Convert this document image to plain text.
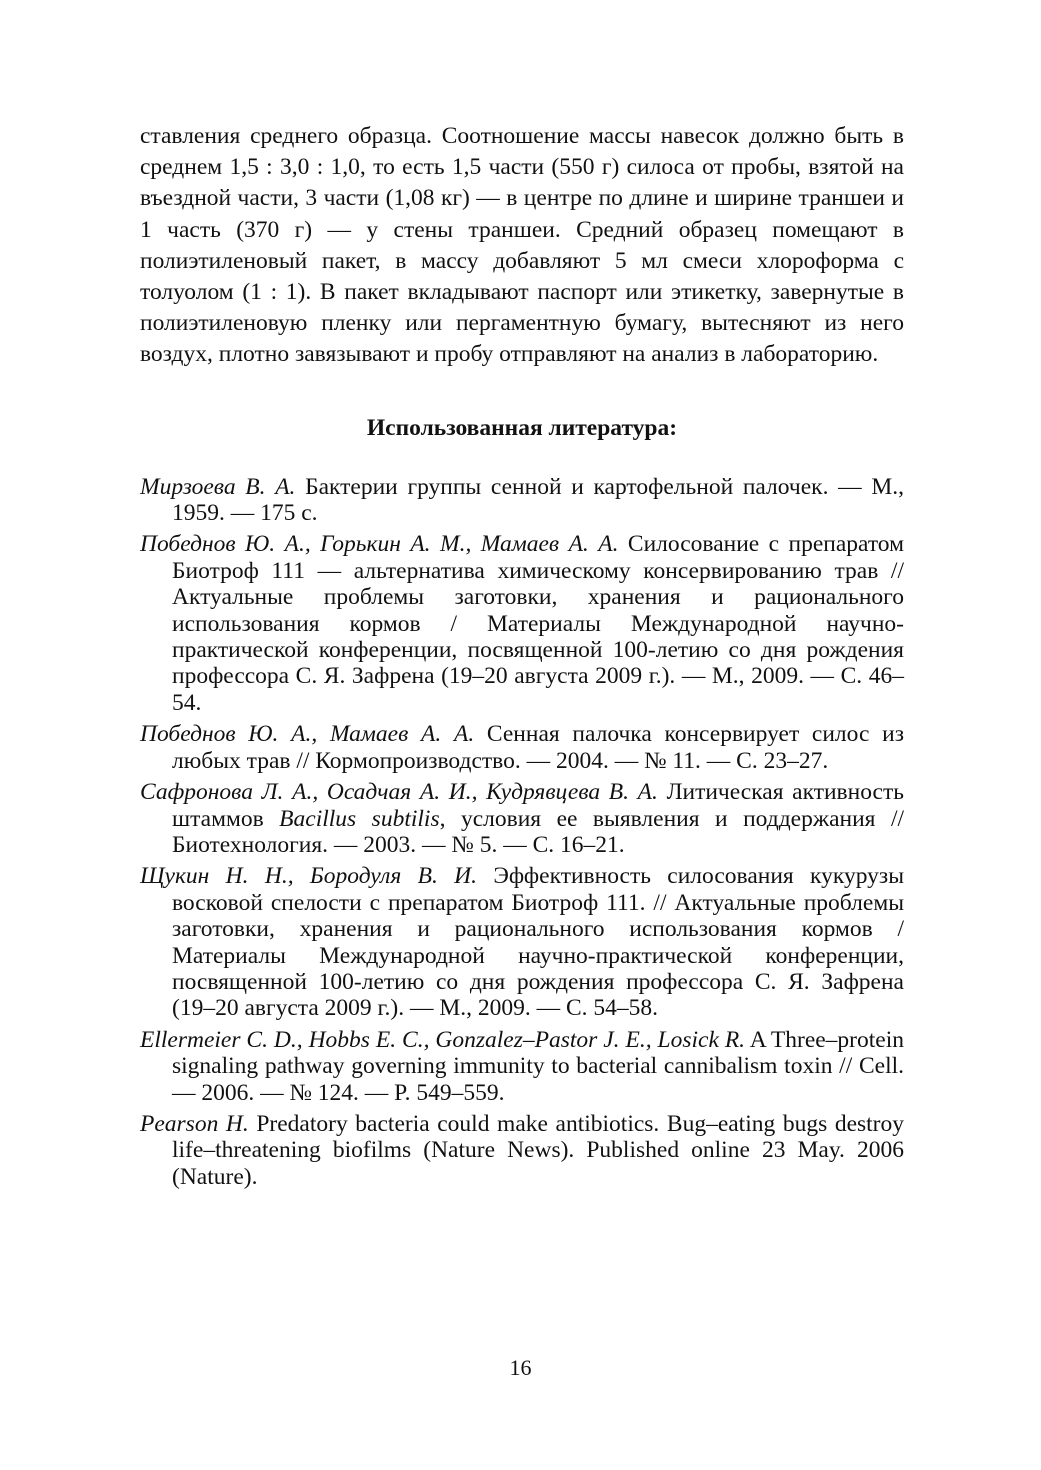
ставления среднего образца. Соотношение массы навесок должно быть в среднем 1,5 : 3,0 : 1,0, то есть 1,5 части (550 г) силоса от пробы, взятой на въездной части, 3 части (1,08 кг) — в центре по длине и ширине траншеи и 1 часть (370 г) — у стены траншеи. Средний образец помещают в полиэтиленовый пакет, в массу добавляют 5 мл смеси хлороформа с толуолом (1 : 1). В пакет вкладывают паспорт или этикетку, завернутые в полиэтиленовую пленку или пергаментную бумагу, вытесняют из него воздух, плотно завязывают и пробу отправляют на анализ в лабораторию.

Использованная литература:
Мирзоева В. А. Бактерии группы сенной и картофельной палочек. — М., 1959. — 175 с.
Победнов Ю. А., Горькин А. М., Мамаев А. А. Силосование с препаратом Биотроф 111 — альтернатива химическому консервированию трав // Актуальные проблемы заготовки, хранения и рационального использования кормов / Материалы Международной научно-практической конференции, посвященной 100-летию со дня рождения профессора С. Я. Зафрена (19–20 августа 2009 г.). — М., 2009. — С. 46–54.
Победнов Ю. А., Мамаев А. А. Сенная палочка консервирует силос из любых трав // Кормопроизводство. — 2004. — № 11. — С. 23–27.
Сафронова Л. А., Осадчая А. И., Кудрявцева В. А. Литическая активность штаммов Bacillus subtilis, условия ее выявления и поддержания // Биотехнология. — 2003. — № 5. — С. 16–21.
Щукин Н. Н., Бородуля В. И. Эффективность силосования кукурузы восковой спелости с препаратом Биотроф 111. // Актуальные проблемы заготовки, хранения и рационального использования кормов / Материалы Международной научно-практической конференции, посвященной 100-летию со дня рождения профессора С. Я. Зафрена (19–20 августа 2009 г.). — М., 2009. — С. 54–58.
Ellermeier C. D., Hobbs E. C., Gonzalez–Pastor J. E., Losick R. A Three–protein signaling pathway governing immunity to bacterial cannibalism toxin // Cell. — 2006. — № 124. — P. 549–559.
Pearson H. Predatory bacteria could make antibiotics. Bug–eating bugs destroy life–threatening biofilms (Nature News). Published online 23 May. 2006 (Nature).
16
